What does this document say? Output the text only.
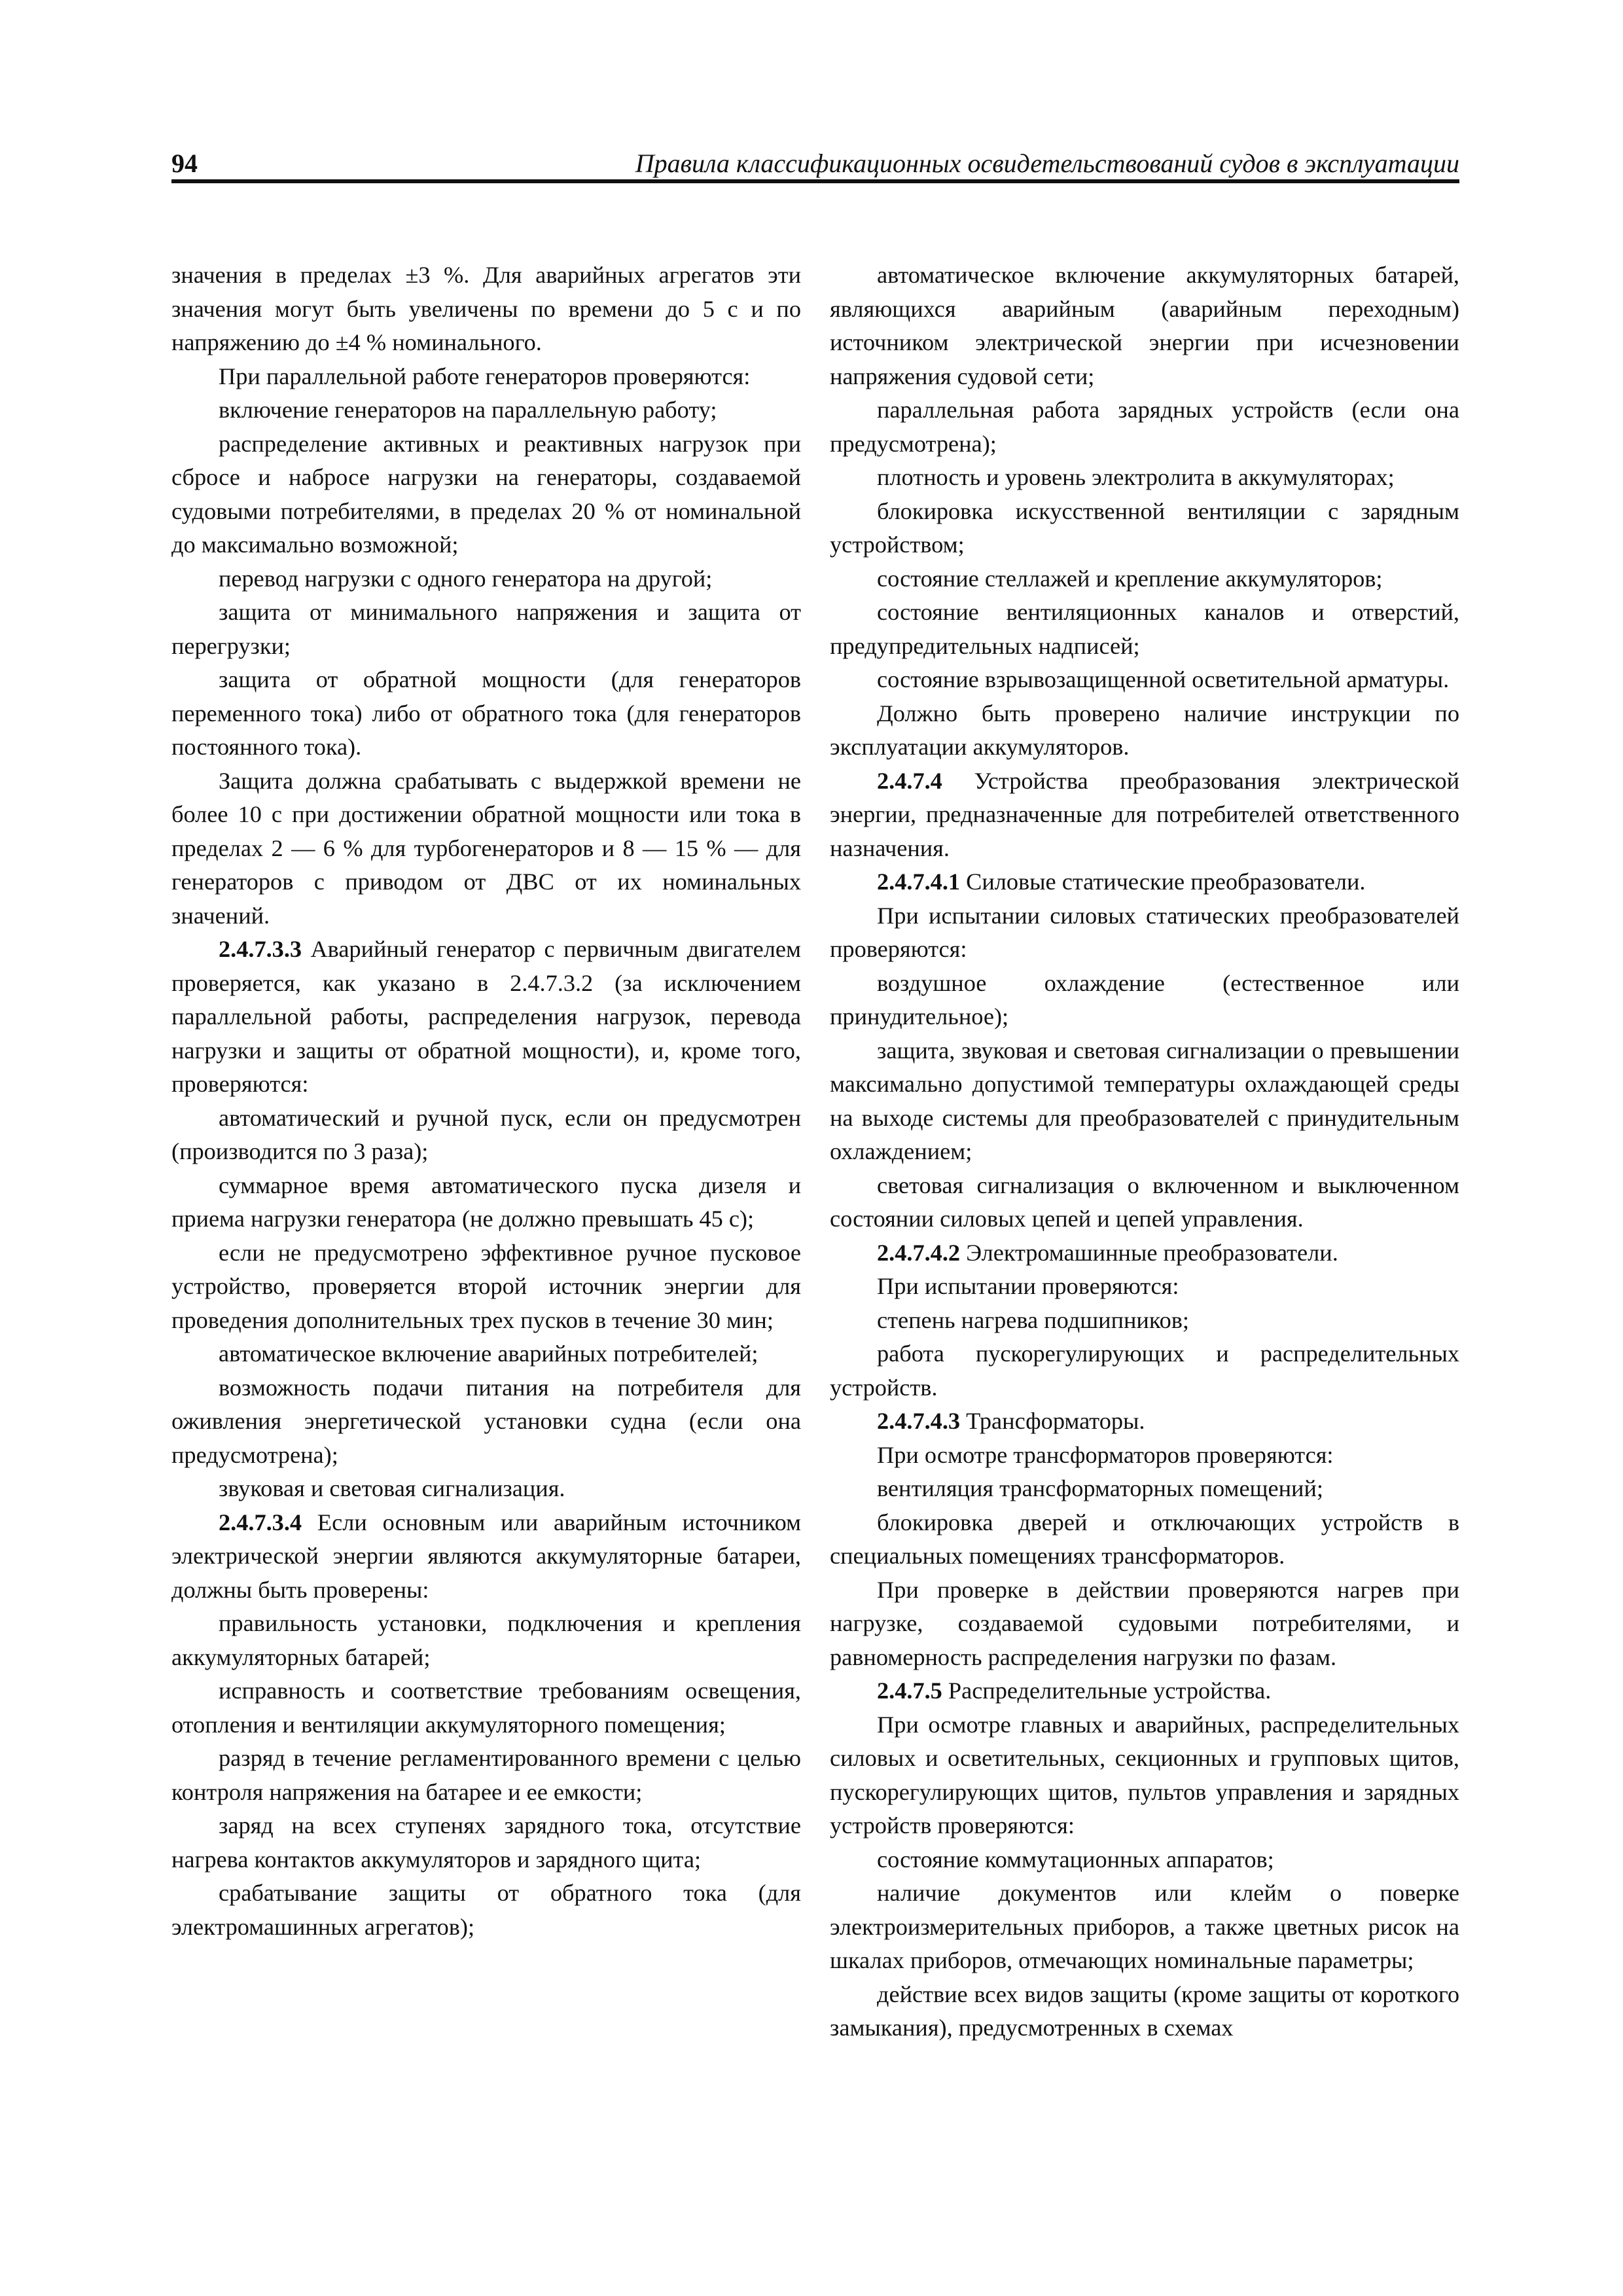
94	Правила классификационных освидетельствований судов в эксплуатации

значения в пределах ±3 %. Для аварийных агрегатов эти значения могут быть увеличены по времени до 5 с и по напряжению до ±4 % номинального.

При параллельной работе генераторов проверяются:

включение генераторов на параллельную работу;

распределение активных и реактивных нагрузок при сбросе и набросе нагрузки на генераторы, создаваемой судовыми потребителями, в пределах 20 % от номинальной до максимально возможной;

перевод нагрузки с одного генератора на другой;

защита от минимального напряжения и защита от перегрузки;

защита от обратной мощности (для генераторов переменного тока) либо от обратного тока (для генераторов постоянного тока).

Защита должна срабатывать с выдержкой времени не более 10 с при достижении обратной мощности или тока в пределах 2 — 6 % для турбогенераторов и 8 — 15 % — для генераторов с приводом от ДВС от их номинальных значений.

2.4.7.3.3 Аварийный генератор с первичным двигателем проверяется, как указано в 2.4.7.3.2 (за исключением параллельной работы, распределения нагрузок, перевода нагрузки и защиты от обратной мощности), и, кроме того, проверяются:

автоматический и ручной пуск, если он предусмотрен (производится по 3 раза);

суммарное время автоматического пуска дизеля и приема нагрузки генератора (не должно превышать 45 с);

если не предусмотрено эффективное ручное пусковое устройство, проверяется второй источник энергии для проведения дополнительных трех пусков в течение 30 мин;

автоматическое включение аварийных потребителей;

возможность подачи питания на потребителя для оживления энергетической установки судна (если она предусмотрена);

звуковая и световая сигнализация.

2.4.7.3.4 Если основным или аварийным источником электрической энергии являются аккумуляторные батареи, должны быть проверены:

правильность установки, подключения и крепления аккумуляторных батарей;

исправность и соответствие требованиям освещения, отопления и вентиляции аккумуляторного помещения;

разряд в течение регламентированного времени с целью контроля напряжения на батарее и ее емкости;

заряд на всех ступенях зарядного тока, отсутствие нагрева контактов аккумуляторов и зарядного щита;

срабатывание защиты от обратного тока (для электромашинных агрегатов);

автоматическое включение аккумуляторных батарей, являющихся аварийным (аварийным переходным) источником электрической энергии при исчезновении напряжения судовой сети;

параллельная работа зарядных устройств (если она предусмотрена);

плотность и уровень электролита в аккумуляторах;

блокировка искусственной вентиляции с зарядным устройством;

состояние стеллажей и крепление аккумуляторов;

состояние вентиляционных каналов и отверстий, предупредительных надписей;

состояние взрывозащищенной осветительной арматуры.

Должно быть проверено наличие инструкции по эксплуатации аккумуляторов.

2.4.7.4 Устройства преобразования электрической энергии, предназначенные для потребителей ответственного назначения.

2.4.7.4.1 Силовые статические преобразователи.

При испытании силовых статических преобразователей проверяются:

воздушное охлаждение (естественное или принудительное);

защита, звуковая и световая сигнализации о превышении максимально допустимой температуры охлаждающей среды на выходе системы для преобразователей с принудительным охлаждением;

световая сигнализация о включенном и выключенном состоянии силовых цепей и цепей управления.

2.4.7.4.2 Электромашинные преобразователи.

При испытании проверяются:

степень нагрева подшипников;

работа пускорегулирующих и распределительных устройств.

2.4.7.4.3 Трансформаторы.

При осмотре трансформаторов проверяются:

вентиляция трансформаторных помещений;

блокировка дверей и отключающих устройств в специальных помещениях трансформаторов.

При проверке в действии проверяются нагрев при нагрузке, создаваемой судовыми потребителями, и равномерность распределения нагрузки по фазам.

2.4.7.5 Распределительные устройства.

При осмотре главных и аварийных, распределительных силовых и осветительных, секционных и групповых щитов, пускорегулирующих щитов, пультов управления и зарядных устройств проверяются:

состояние коммутационных аппаратов;

наличие документов или клейм о поверке электроизмерительных приборов, а также цветных рисок на шкалах приборов, отмечающих номинальные параметры;

действие всех видов защиты (кроме защиты от короткого замыкания), предусмотренных в схемах
